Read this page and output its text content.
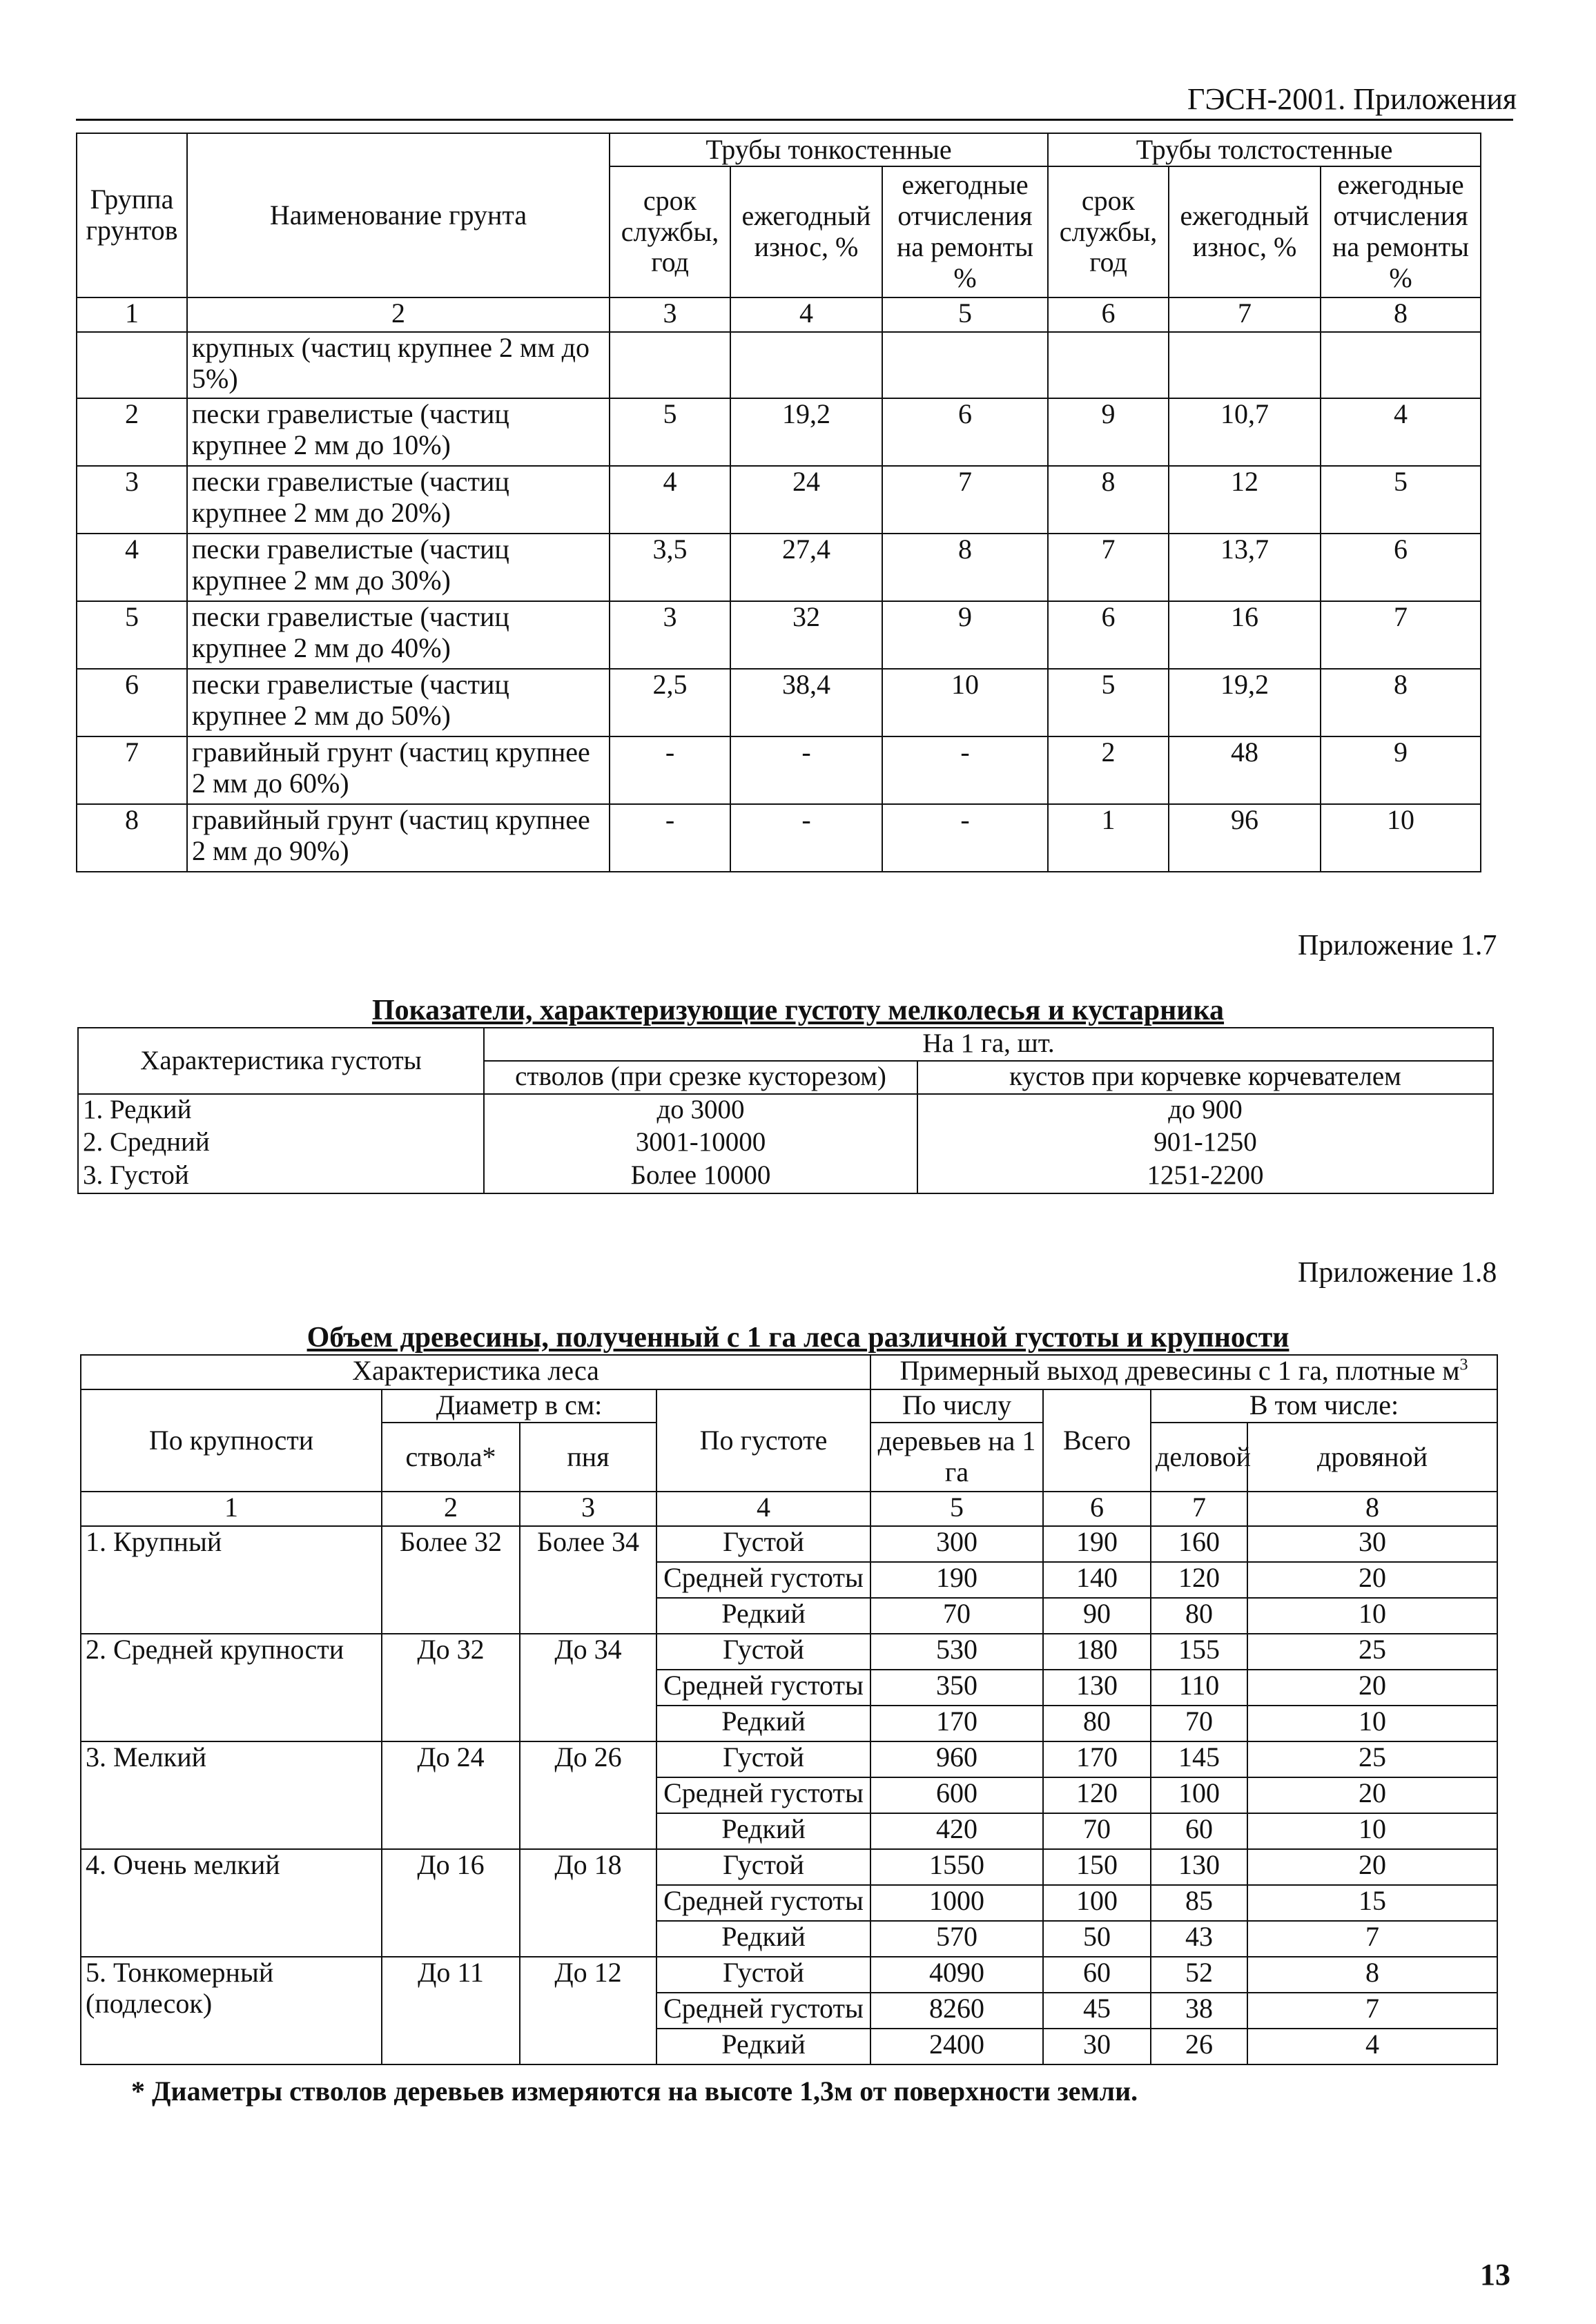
ГЭСН-2001. Приложения
Группа грунтов	Наименование грунта	Трубы тонкостенные			Трубы толстостенные		
		срок службы, год	ежегодный износ, %	ежегодные отчисления на ремонты %	срок службы, год	ежегодный износ, %	ежегодные отчисления на ремонты %
1	2	3	4	5	6	7	8
	крупных (частиц крупнее 2 мм до 5%)						
2	пески гравелистые (частиц крупнее 2 мм до 10%)	5	19,2	6	9	10,7	4
3	пески гравелистые (частиц крупнее 2 мм до 20%)	4	24	7	8	12	5
4	пески гравелистые (частиц крупнее 2 мм до 30%)	3,5	27,4	8	7	13,7	6
5	пески гравелистые (частиц крупнее 2 мм до 40%)	3	32	9	6	16	7
6	пески гравелистые (частиц крупнее 2 мм до 50%)	2,5	38,4	10	5	19,2	8
7	гравийный грунт (частиц крупнее 2 мм до 60%)	-	-	-	2	48	9
8	гравийный грунт (частиц крупнее 2 мм до 90%)	-	-	-	1	96	10
Приложение 1.7
Показатели, характеризующие густоту мелколесья и кустарника
Характеристика густоты	На 1 га, шт.	
	стволов (при срезке кусторезом)	кустов при корчевке корчевателем
1. Редкий	до 3000	до 900
2. Средний	3001-10000	901-1250
3. Густой	Более 10000	1251-2200
Приложение 1.8
Объем древесины, полученный с 1 га леса различной густоты и крупности
Характеристика леса				Примерный выход древесины с 1 га, плотные $м^3$
По крупности	Диаметр в см:		По густоте	По числу	Всего	В том числе:	
	ствола*	пня		деревьев на 1 га		деловой	дровяной
1	2	3	4	5	6	7	8
1. Крупный	Более 32	Более 34	Густой	300	190	160	30
			Средней густоты	190	140	120	20
			Редкий	70	90	80	10
2. Средней крупности	До 32	До 34	Густой	530	180	155	25
			Средней густоты	350	130	110	20
			Редкий	170	80	70	10
3. Мелкий	До 24	До 26	Густой	960	170	145	25
			Средней густоты	600	120	100	20
			Редкий	420	70	60	10
4. Очень мелкий	До 16	До 18	Густой	1550	150	130	20
			Средней густоты	1000	100	85	15
			Редкий	570	50	43	7
5. Тонкомерный (подлесок)	До 11	До 12	Густой	4090	60	52	8
			Средней густоты	8260	45	38	7
			Редкий	2400	30	26	4
* Диаметры стволов деревьев измеряются на высоте 1,3м от поверхности земли.
13
